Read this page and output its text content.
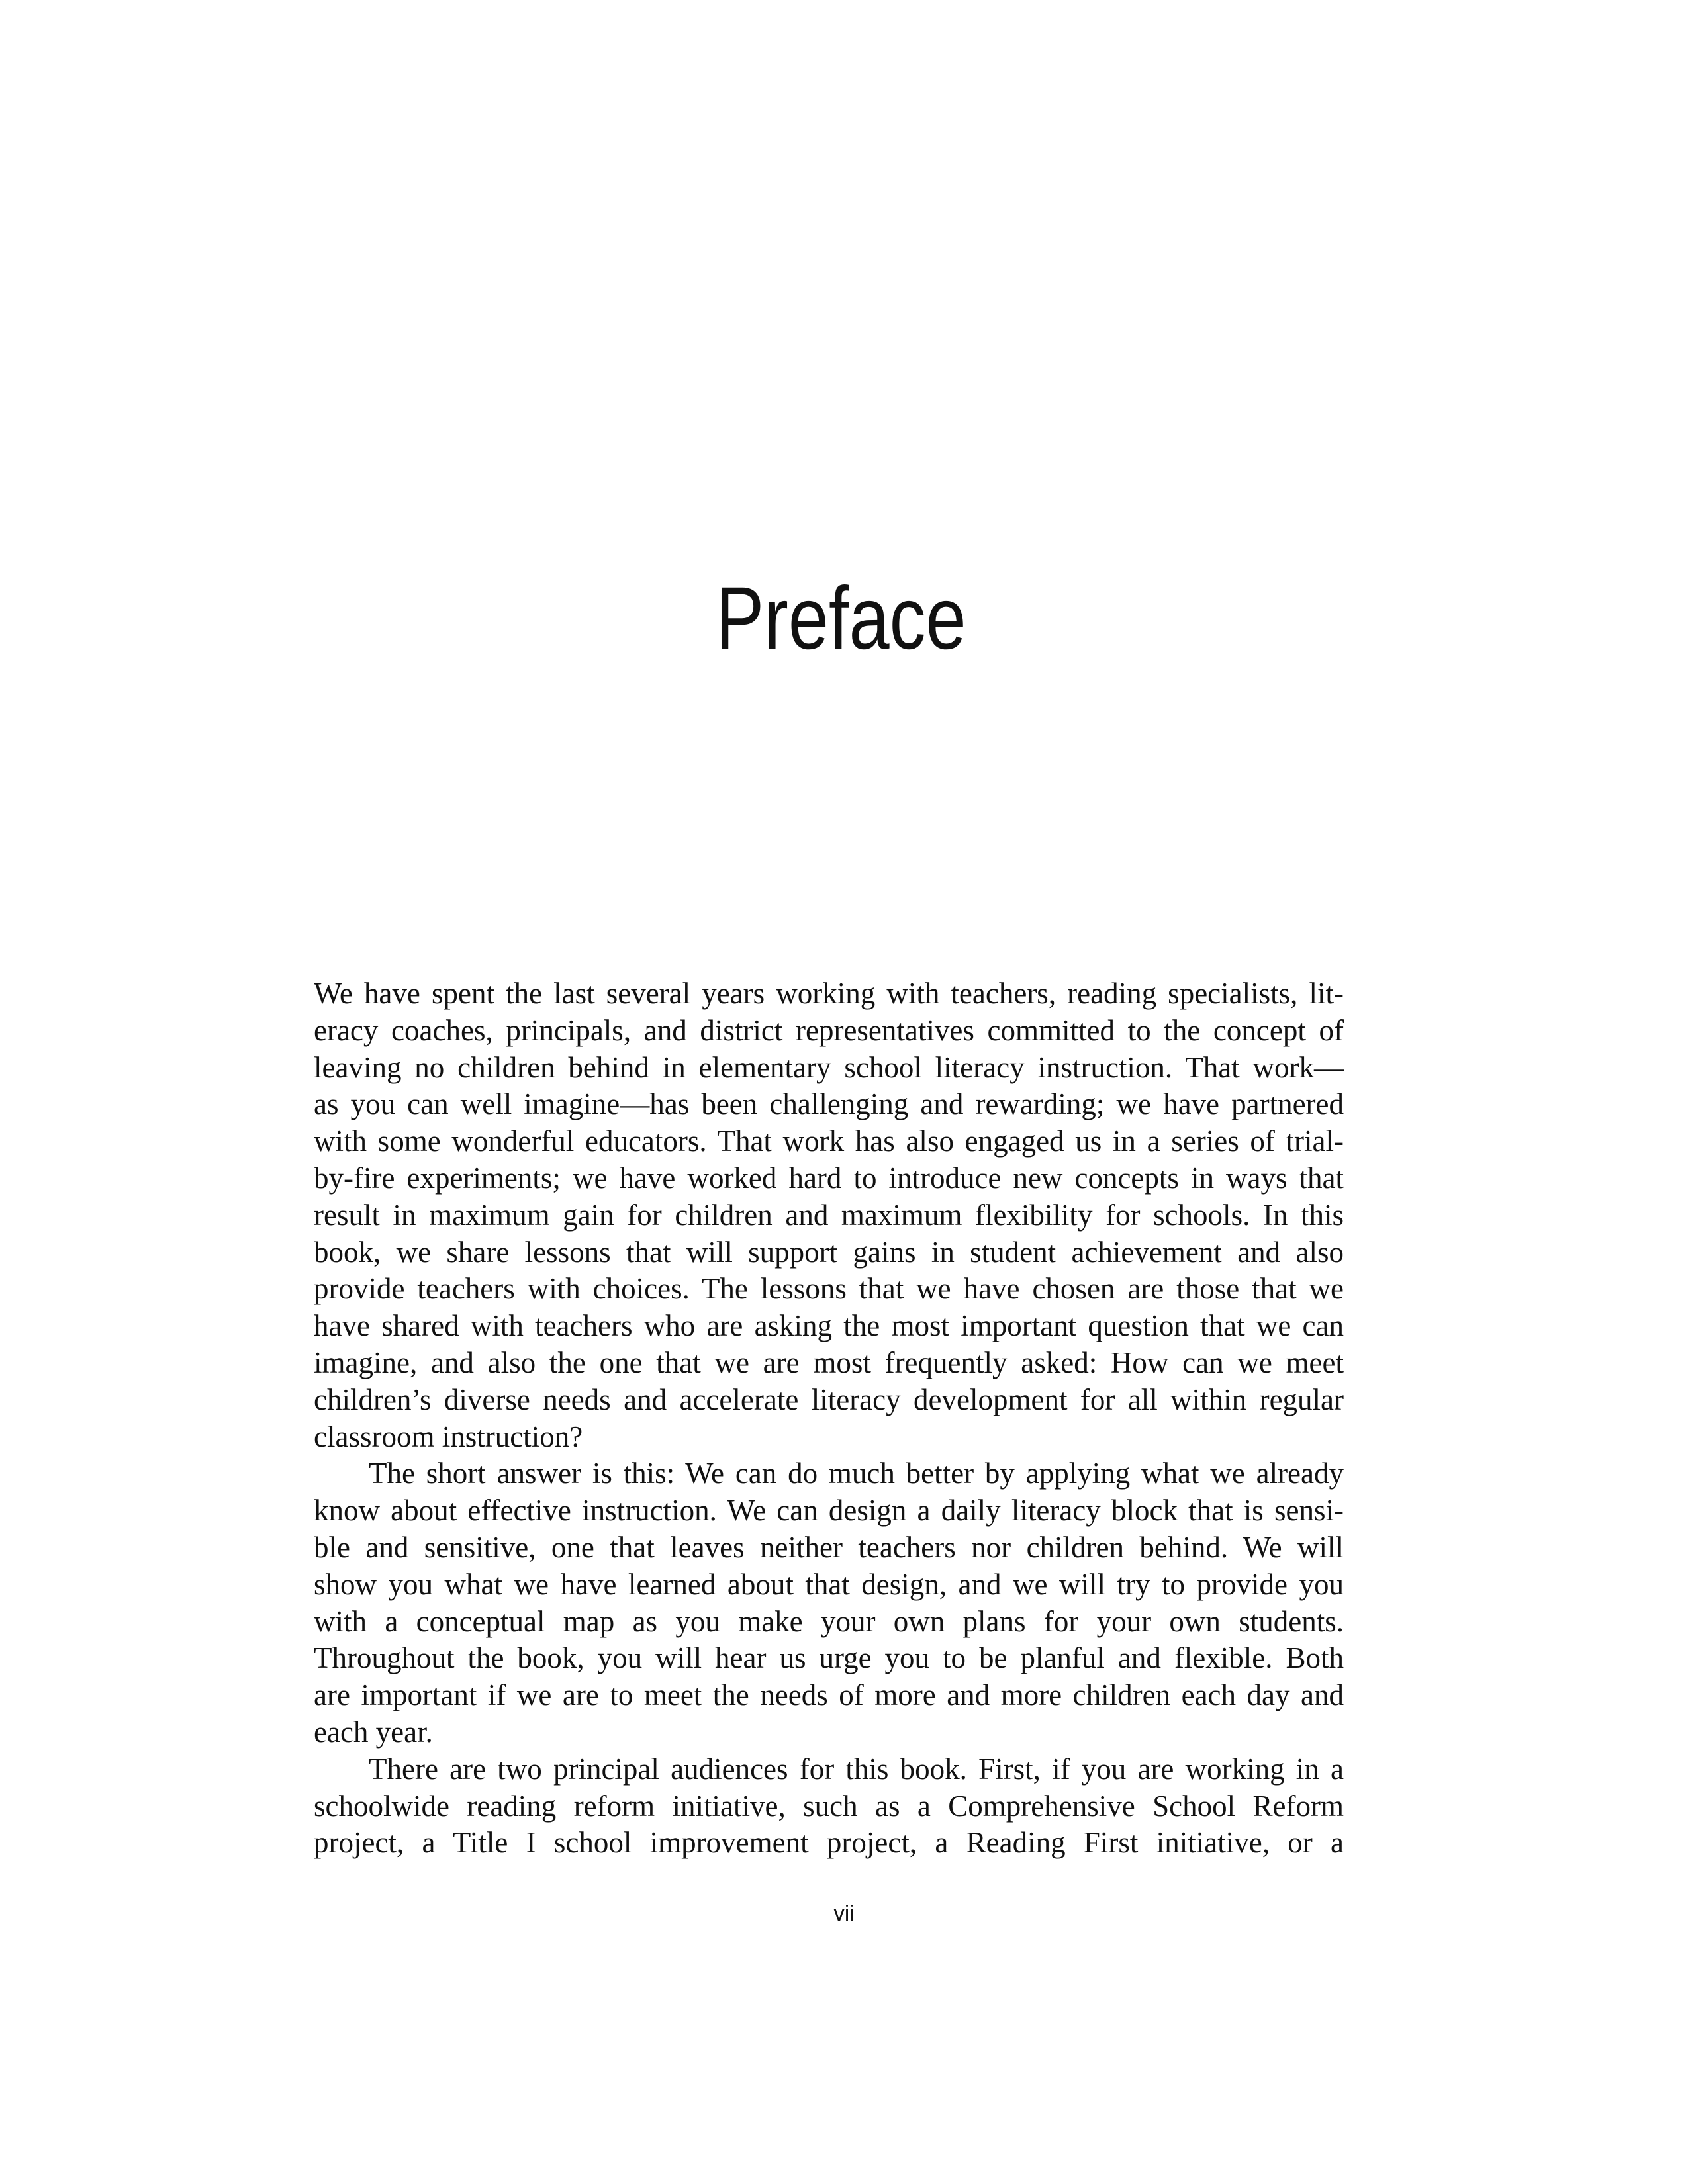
Preface

We have spent the last several years working with teachers, reading specialists, lit-
eracy coaches, principals, and district representatives committed to the concept of
leaving no children behind in elementary school literacy instruction. That work—
as you can well imagine—has been challenging and rewarding; we have partnered
with some wonderful educators. That work has also engaged us in a series of trial-
by-fire experiments; we have worked hard to introduce new concepts in ways that
result in maximum gain for children and maximum flexibility for schools. In this
book, we share lessons that will support gains in student achievement and also
provide teachers with choices. The lessons that we have chosen are those that we
have shared with teachers who are asking the most important question that we can
imagine, and also the one that we are most frequently asked: How can we meet
children’s diverse needs and accelerate literacy development for all within regular
classroom instruction?

The short answer is this: We can do much better by applying what we already
know about effective instruction. We can design a daily literacy block that is sensi-
ble and sensitive, one that leaves neither teachers nor children behind. We will
show you what we have learned about that design, and we will try to provide you
with a conceptual map as you make your own plans for your own students.
Throughout the book, you will hear us urge you to be planful and flexible. Both
are important if we are to meet the needs of more and more children each day and
each year.

There are two principal audiences for this book. First, if you are working in a
schoolwide reading reform initiative, such as a Comprehensive School Reform
project, a Title I school improvement project, a Reading First initiative, or a

vii
